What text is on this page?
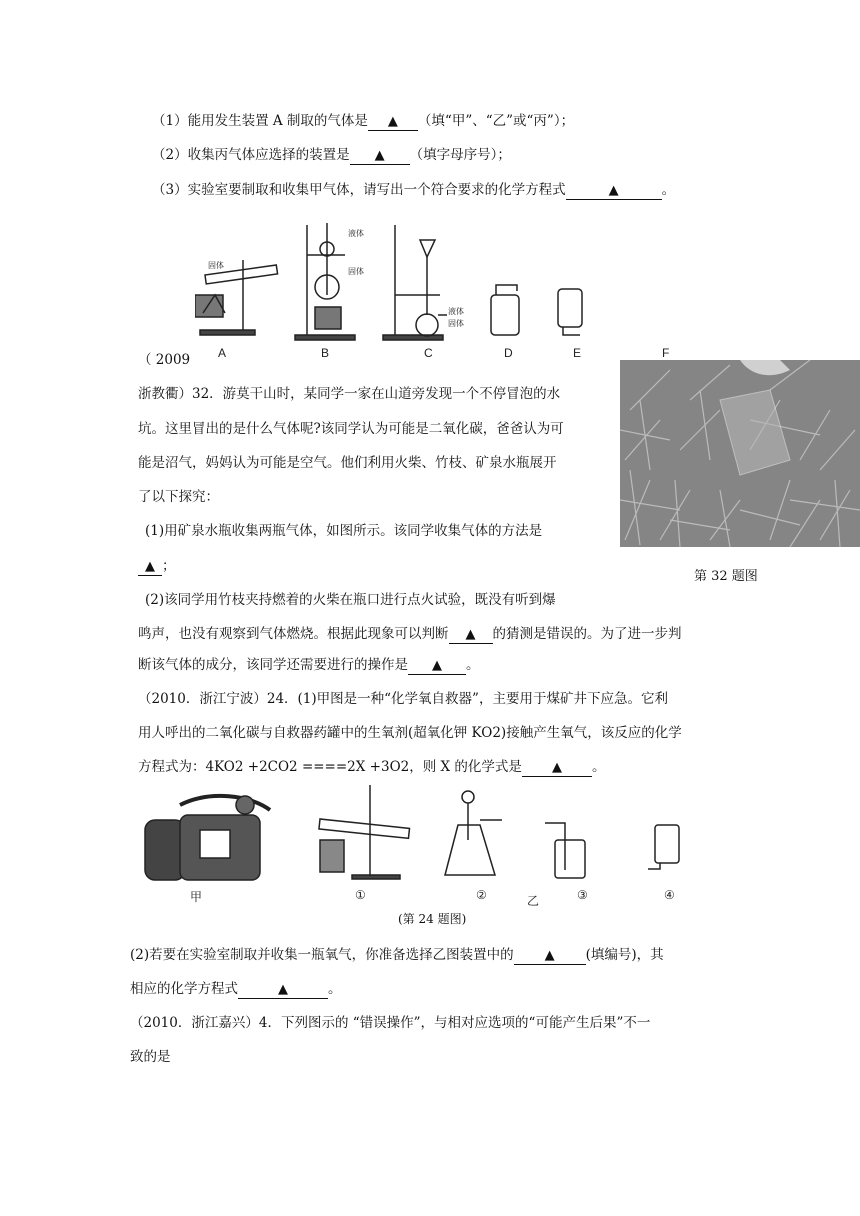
（1）能用发生装置 A 制取的气体是 ▲ （填“甲”、“乙”或“丙”）；
（2）收集丙气体应选择的装置是 ▲ （填字母序号）；
（3）实验室要制取和收集甲气体，请写出一个符合要求的化学方程式	▲	。
A	B	C	D	E	F
固体
液体
固体
液体
固体
（ 2009
浙教衢）32．游莫干山时，某同学一家在山道旁发现一个不停冒泡的水
坑。这里冒出的是什么气体呢?该同学认为可能是二氧化碳，爸爸认为可
能是沼气，妈妈认为可能是空气。他们利用火柴、竹枝、矿泉水瓶展开
了以下探究：
(1)用矿泉水瓶收集两瓶气体，如图所示。该同学收集气体的方法是
▲ ；
第 32 题图
(2)该同学用竹枝夹持燃着的火柴在瓶口进行点火试验，既没有听到爆
鸣声，也没有观察到气体燃烧。根据此现象可以判断 ▲ 的猜测是错误的。为了进一步判
断该气体的成分，该同学还需要进行的操作是 ▲ 。
（2010．浙江宁波）24．(1)甲图是一种“化学氧自救器”，主要用于煤矿井下应急。它利
用人呼出的二氧化碳与自救器药罐中的生氧剂(超氧化钾 KO2)接触产生氧气，该反应的化学
方程式为：4KO2 +2CO2 ====2X +3O2，则 X 的化学式是 ▲ 。
甲	①	②	乙	③	④
(第 24 题图)
(2)若要在实验室制取并收集一瓶氧气，你准备选择乙图装置中的 ▲ (填编号)，其
相应的化学方程式	▲	。
（2010．浙江嘉兴）4．下列图示的 “错误操作”，与相对应选项的“可能产生后果”不一
致的是
